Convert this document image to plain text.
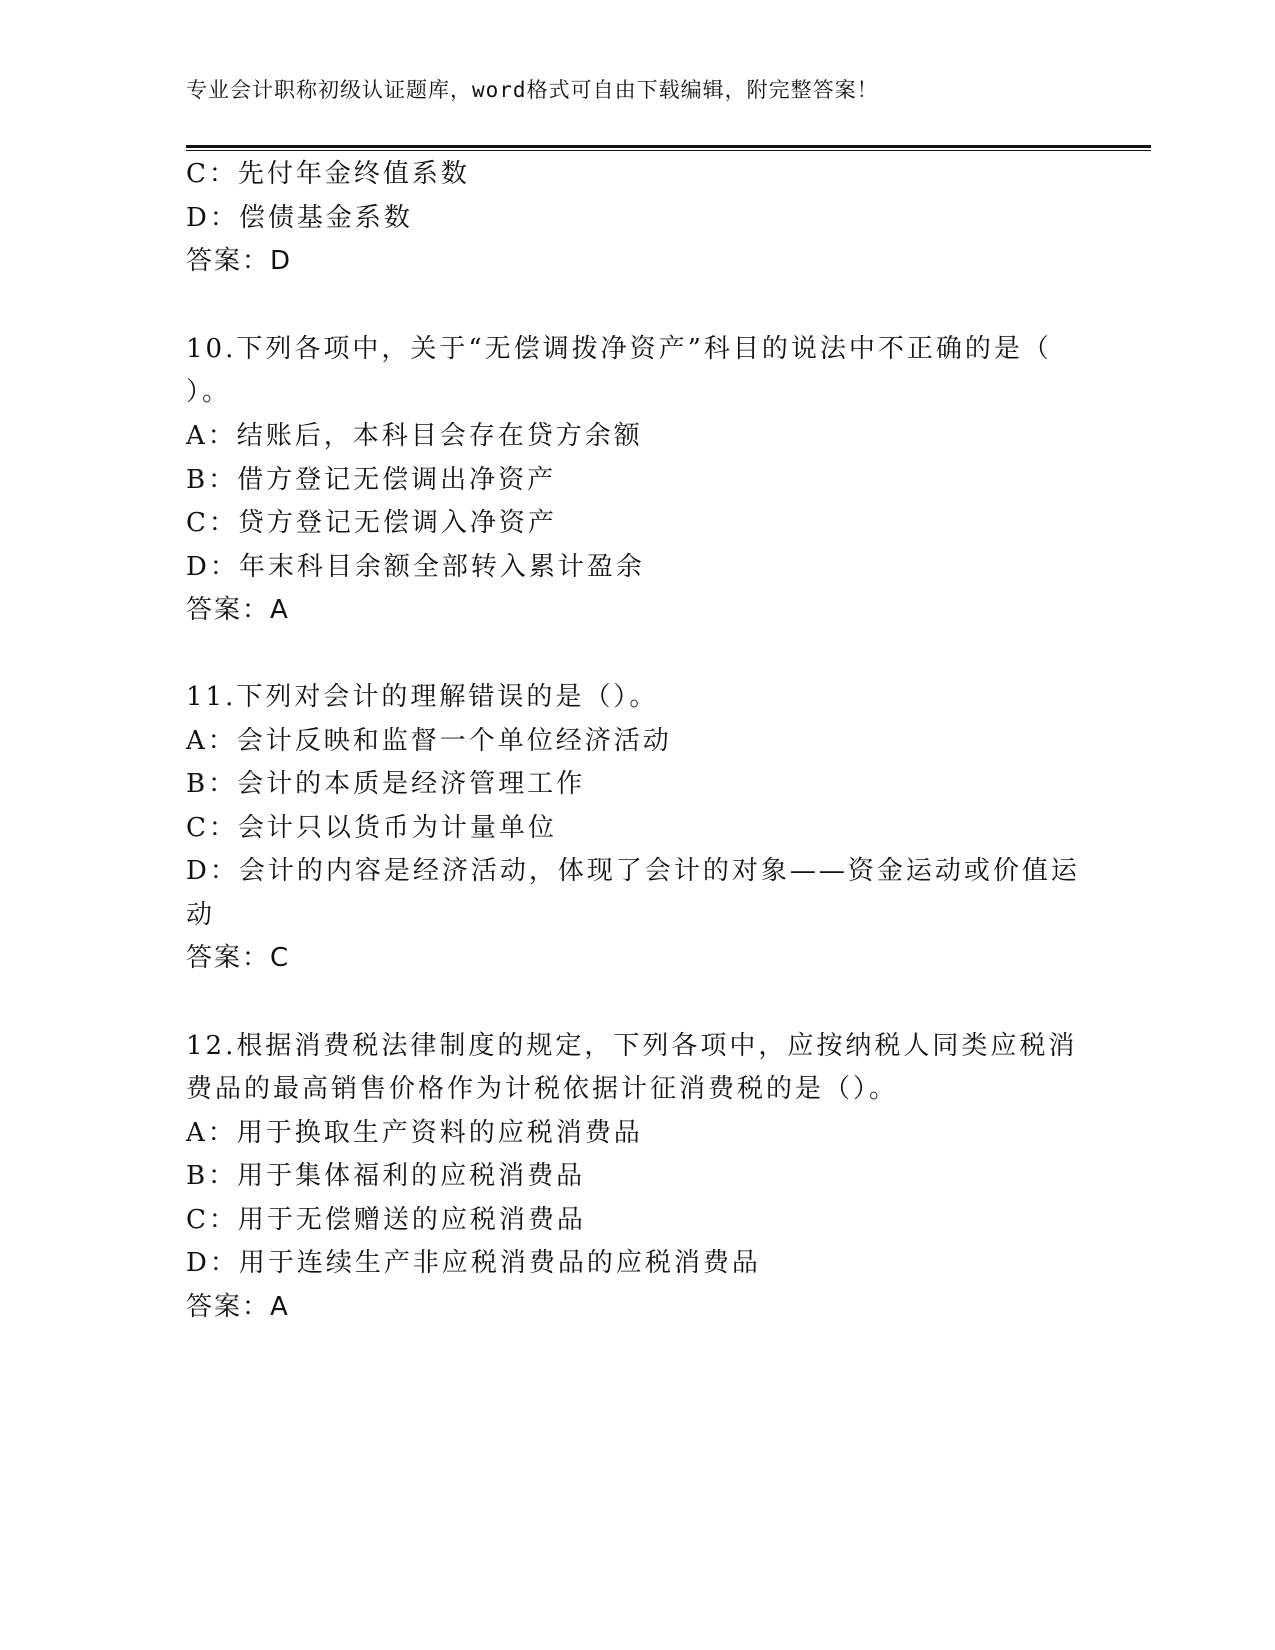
专业会计职称初级认证题库，word格式可自由下载编辑，附完整答案！
C：先付年金终值系数
D：偿债基金系数
答案：D
10.下列各项中，关于“无偿调拨净资产”科目的说法中不正确的是（
）。
A：结账后，本科目会存在贷方余额
B：借方登记无偿调出净资产
C：贷方登记无偿调入净资产
D：年末科目余额全部转入累计盈余
答案：A
11.下列对会计的理解错误的是（）。
A：会计反映和监督一个单位经济活动
B：会计的本质是经济管理工作
C：会计只以货币为计量单位
D：会计的内容是经济活动，体现了会计的对象——资金运动或价值运
动
答案：C
12.根据消费税法律制度的规定，下列各项中，应按纳税人同类应税消
费品的最高销售价格作为计税依据计征消费税的是（）。
A：用于换取生产资料的应税消费品
B：用于集体福利的应税消费品
C：用于无偿赠送的应税消费品
D：用于连续生产非应税消费品的应税消费品
答案：A
